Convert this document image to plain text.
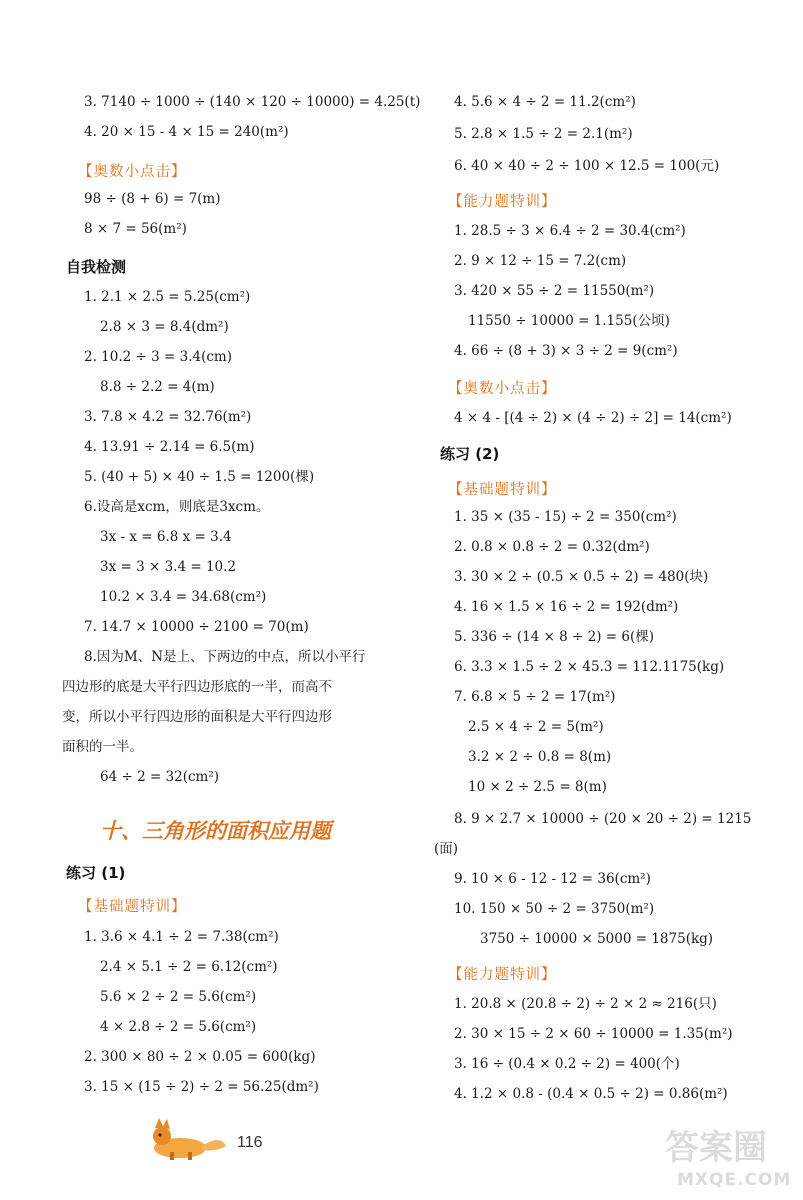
3. 7140 ÷ 1000 ÷ (140 × 120 ÷ 10000) = 4.25(t)
4. 20 × 15 - 4 × 15 = 240(m²)
【奥数小点击】
98 ÷ (8 + 6) = 7(m)
8 × 7 = 56(m²)
自我检测
1. 2.1 × 2.5 = 5.25(cm²)
2.8 × 3 = 8.4(dm²)
2. 10.2 ÷ 3 = 3.4(cm)
8.8 ÷ 2.2 = 4(m)
3. 7.8 × 4.2 = 32.76(m²)
4. 13.91 ÷ 2.14 = 6.5(m)
5. (40 + 5) × 40 ÷ 1.5 = 1200(棵)
6.设高是xcm，则底是3xcm。
3x - x = 6.8 x = 3.4
3x = 3 × 3.4 = 10.2
10.2 × 3.4 = 34.68(cm²)
7. 14.7 × 10000 ÷ 2100 = 70(m)
8.因为M、N是上、下两边的中点，所以小平行
四边形的底是大平行四边形底的一半，而高不
变，所以小平行四边形的面积是大平行四边形
面积的一半。
64 ÷ 2 = 32(cm²)
十、三角形的面积应用题
练习 (1)
【基础题特训】
1. 3.6 × 4.1 ÷ 2 = 7.38(cm²)
2.4 × 5.1 ÷ 2 = 6.12(cm²)
5.6 × 2 ÷ 2 = 5.6(cm²)
4 × 2.8 ÷ 2 = 5.6(cm²)
2. 300 × 80 ÷ 2 × 0.05 = 600(kg)
3. 15 × (15 ÷ 2) ÷ 2 = 56.25(dm²)
4. 5.6 × 4 ÷ 2 = 11.2(cm²)
5. 2.8 × 1.5 ÷ 2 = 2.1(m²)
6. 40 × 40 ÷ 2 ÷ 100 × 12.5 = 100(元)
【能力题特训】
1. 28.5 ÷ 3 × 6.4 ÷ 2 = 30.4(cm²)
2. 9 × 12 ÷ 15 = 7.2(cm)
3. 420 × 55 ÷ 2 = 11550(m²)
11550 ÷ 10000 = 1.155(公顷)
4. 66 ÷ (8 + 3) × 3 ÷ 2 = 9(cm²)
【奥数小点击】
4 × 4 - [(4 ÷ 2) × (4 ÷ 2) ÷ 2] = 14(cm²)
练习 (2)
【基础题特训】
1. 35 × (35 - 15) ÷ 2 = 350(cm²)
2. 0.8 × 0.8 ÷ 2 = 0.32(dm²)
3. 30 × 2 ÷ (0.5 × 0.5 ÷ 2) = 480(块)
4. 16 × 1.5 × 16 ÷ 2 = 192(dm²)
5. 336 ÷ (14 × 8 ÷ 2) = 6(棵)
6. 3.3 × 1.5 ÷ 2 × 45.3 = 112.1175(kg)
7. 6.8 × 5 ÷ 2 = 17(m²)
2.5 × 4 ÷ 2 = 5(m²)
3.2 × 2 ÷ 0.8 = 8(m)
10 × 2 ÷ 2.5 = 8(m)
8. 9 × 2.7 × 10000 ÷ (20 × 20 ÷ 2) = 1215
(面)
9. 10 × 6 - 12 - 12 = 36(cm²)
10. 150 × 50 ÷ 2 = 3750(m²)
3750 ÷ 10000 × 5000 = 1875(kg)
【能力题特训】
1. 20.8 × (20.8 ÷ 2) ÷ 2 × 2 ≈ 216(只)
2. 30 × 15 ÷ 2 × 60 ÷ 10000 = 1.35(m²)
3. 16 ÷ (0.4 × 0.2 ÷ 2) = 400(个)
4. 1.2 × 0.8 - (0.4 × 0.5 ÷ 2) = 0.86(m²)
116	答案圈
MXQE.COM
